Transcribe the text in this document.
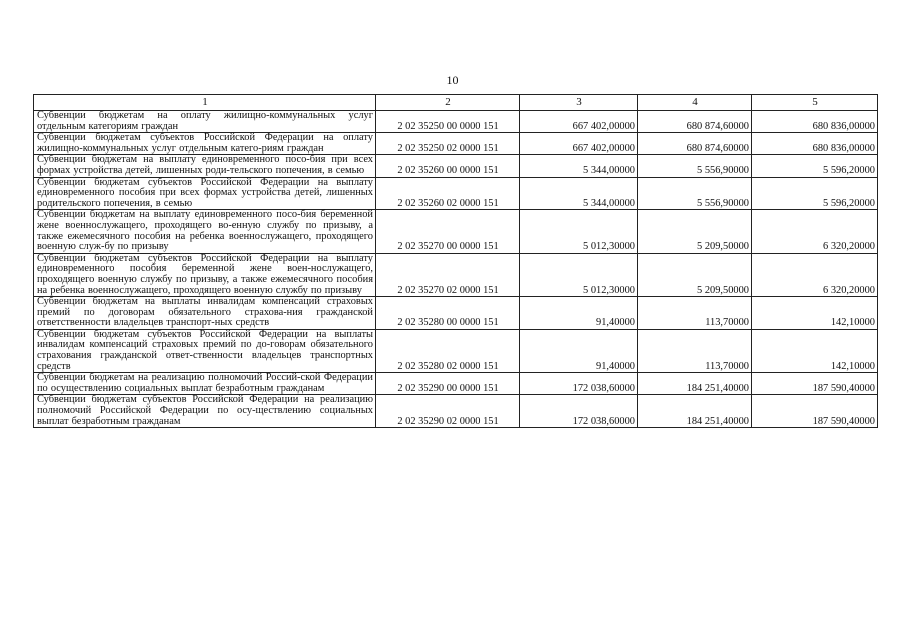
10
1	2	3	4	5
Субвенции бюджетам на оплату жилищно-коммунальных услуг отдельным категориям граждан	2 02 35250 00 0000 151	667 402,00000	680 874,60000	680 836,00000
Субвенции бюджетам субъектов Российской Федерации на оплату жилищно-коммунальных услуг отдельным катего-риям граждан	2 02 35250 02 0000 151	667 402,00000	680 874,60000	680 836,00000
Субвенции бюджетам на выплату единовременного посо-бия при всех формах устройства детей, лишенных роди-тельского попечения, в семью	2 02 35260 00 0000 151	5 344,00000	5 556,90000	5 596,20000
Субвенции бюджетам субъектов Российской Федерации на выплату единовременного пособия при всех формах устройства детей, лишенных родительского попечения, в семью	2 02 35260 02 0000 151	5 344,00000	5 556,90000	5 596,20000
Субвенции бюджетам на выплату единовременного посо-бия беременной жене военнослужащего, проходящего во-енную службу по призыву, а также ежемесячного пособия на ребенка военнослужащего, проходящего военную служ-бу по призыву	2 02 35270 00 0000 151	5 012,30000	5 209,50000	6 320,20000
Субвенции бюджетам субъектов Российской Федерации на выплату единовременного пособия беременной жене воен-нослужащего, проходящего военную службу по призыву, а также ежемесячного пособия на ребенка военнослужащего, проходящего военную службу по призыву	2 02 35270 02 0000 151	5 012,30000	5 209,50000	6 320,20000
Субвенции бюджетам на выплаты инвалидам компенсаций страховых премий по договорам обязательного страхова-ния гражданской ответственности владельцев транспорт-ных средств	2 02 35280 00 0000 151	91,40000	113,70000	142,10000
Субвенции бюджетам субъектов Российской Федерации на выплаты инвалидам компенсаций страховых премий по до-говорам обязательного страхования гражданской ответ-ственности владельцев транспортных средств	2 02 35280 02 0000 151	91,40000	113,70000	142,10000
Субвенции бюджетам на реализацию полномочий Россий-ской Федерации по осуществлению социальных выплат безработным гражданам	2 02 35290 00 0000 151	172 038,60000	184 251,40000	187 590,40000
Субвенции бюджетам субъектов Российской Федерации на реализацию полномочий Российской Федерации по осу-ществлению социальных выплат безработным гражданам	2 02 35290 02 0000 151	172 038,60000	184 251,40000	187 590,40000
